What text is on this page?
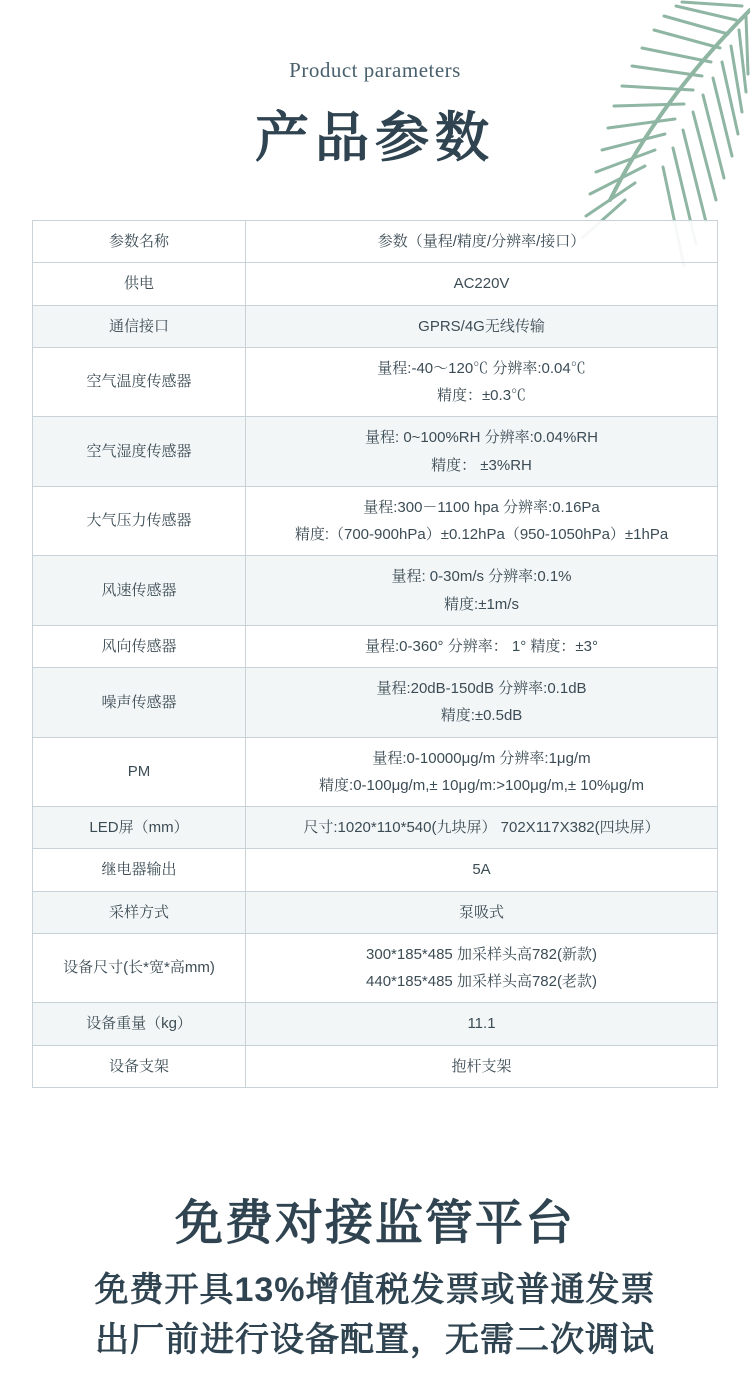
Product parameters
产品参数
参数名称	参数（量程/精度/分辨率/接口）
供电	AC220V

通信接口	GPRS/4G无线传输

空气温度传感器	量程:-40～120℃ 分辨率:0.04℃
精度：±0.3℃

空气湿度传感器	量程: 0~100%RH 分辨率:0.04%RH
精度： ±3%RH

大气压力传感器	量程:300－1100 hpa 分辨率:0.16Pa
精度:（700-900hPa）±0.12hPa（950-1050hPa）±1hPa

风速传感器	量程: 0-30m/s 分辨率:0.1%
精度:±1m/s

风向传感器	量程:0-360° 分辨率： 1° 精度：±3°

噪声传感器	量程:20dB-150dB 分辨率:0.1dB
精度:±0.5dB

PM	量程:0-10000μg/m 分辨率:1μg/m
精度:0-100μg/m,± 10μg/m:>100μg/m,± 10%μg/m

LED屏（mm）	尺寸:1020*110*540(九块屏） 702X117X382(四块屏）

继电器输出	5A

采样方式	泵吸式

设备尺寸(长*宽*高mm)	300*185*485 加采样头高782(新款)
440*185*485 加采样头高782(老款)

设备重量（kg）	11.1

设备支架	抱杆支架
免费对接监管平台
免费开具13%增值税发票或普通发票
出厂前进行设备配置，无需二次调试
